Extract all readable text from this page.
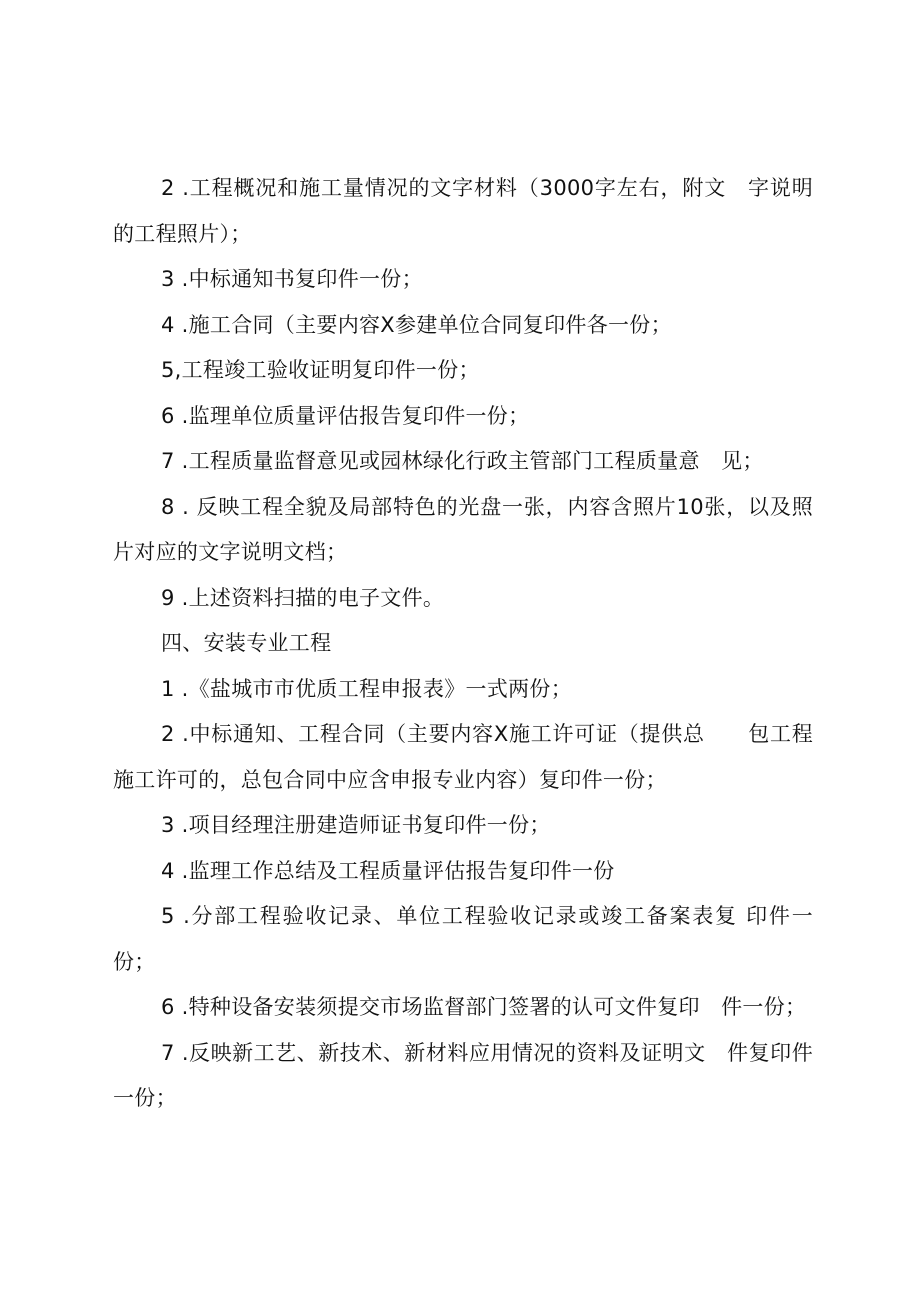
2 .工程概况和施工量情况的文字材料（3000字左右，附文　字说明的工程照片）；

3 .中标通知书复印件一份；

4 .施工合同（主要内容X参建单位合同复印件各一份；

5,工程竣工验收证明复印件一份；

6 .监理单位质量评估报告复印件一份；

7 .工程质量监督意见或园林绿化行政主管部门工程质量意　见；

8 . 反映工程全貌及局部特色的光盘一张，内容含照片10张，以及照片对应的文字说明文档；

9 .上述资料扫描的电子文件。

四、安装专业工程

1 .《盐城市市优质工程申报表》一式两份；

2 .中标通知、工程合同（主要内容X施工许可证（提供总　　包工程施工许可的，总包合同中应含申报专业内容）复印件一份；

3 .项目经理注册建造师证书复印件一份；

4 .监理工作总结及工程质量评估报告复印件一份

5 .分部工程验收记录、单位工程验收记录或竣工备案表复 印件一份；

6 .特种设备安装须提交市场监督部门签署的认可文件复印　件一份；

7 .反映新工艺、新技术、新材料应用情况的资料及证明文　件复印件一份；
